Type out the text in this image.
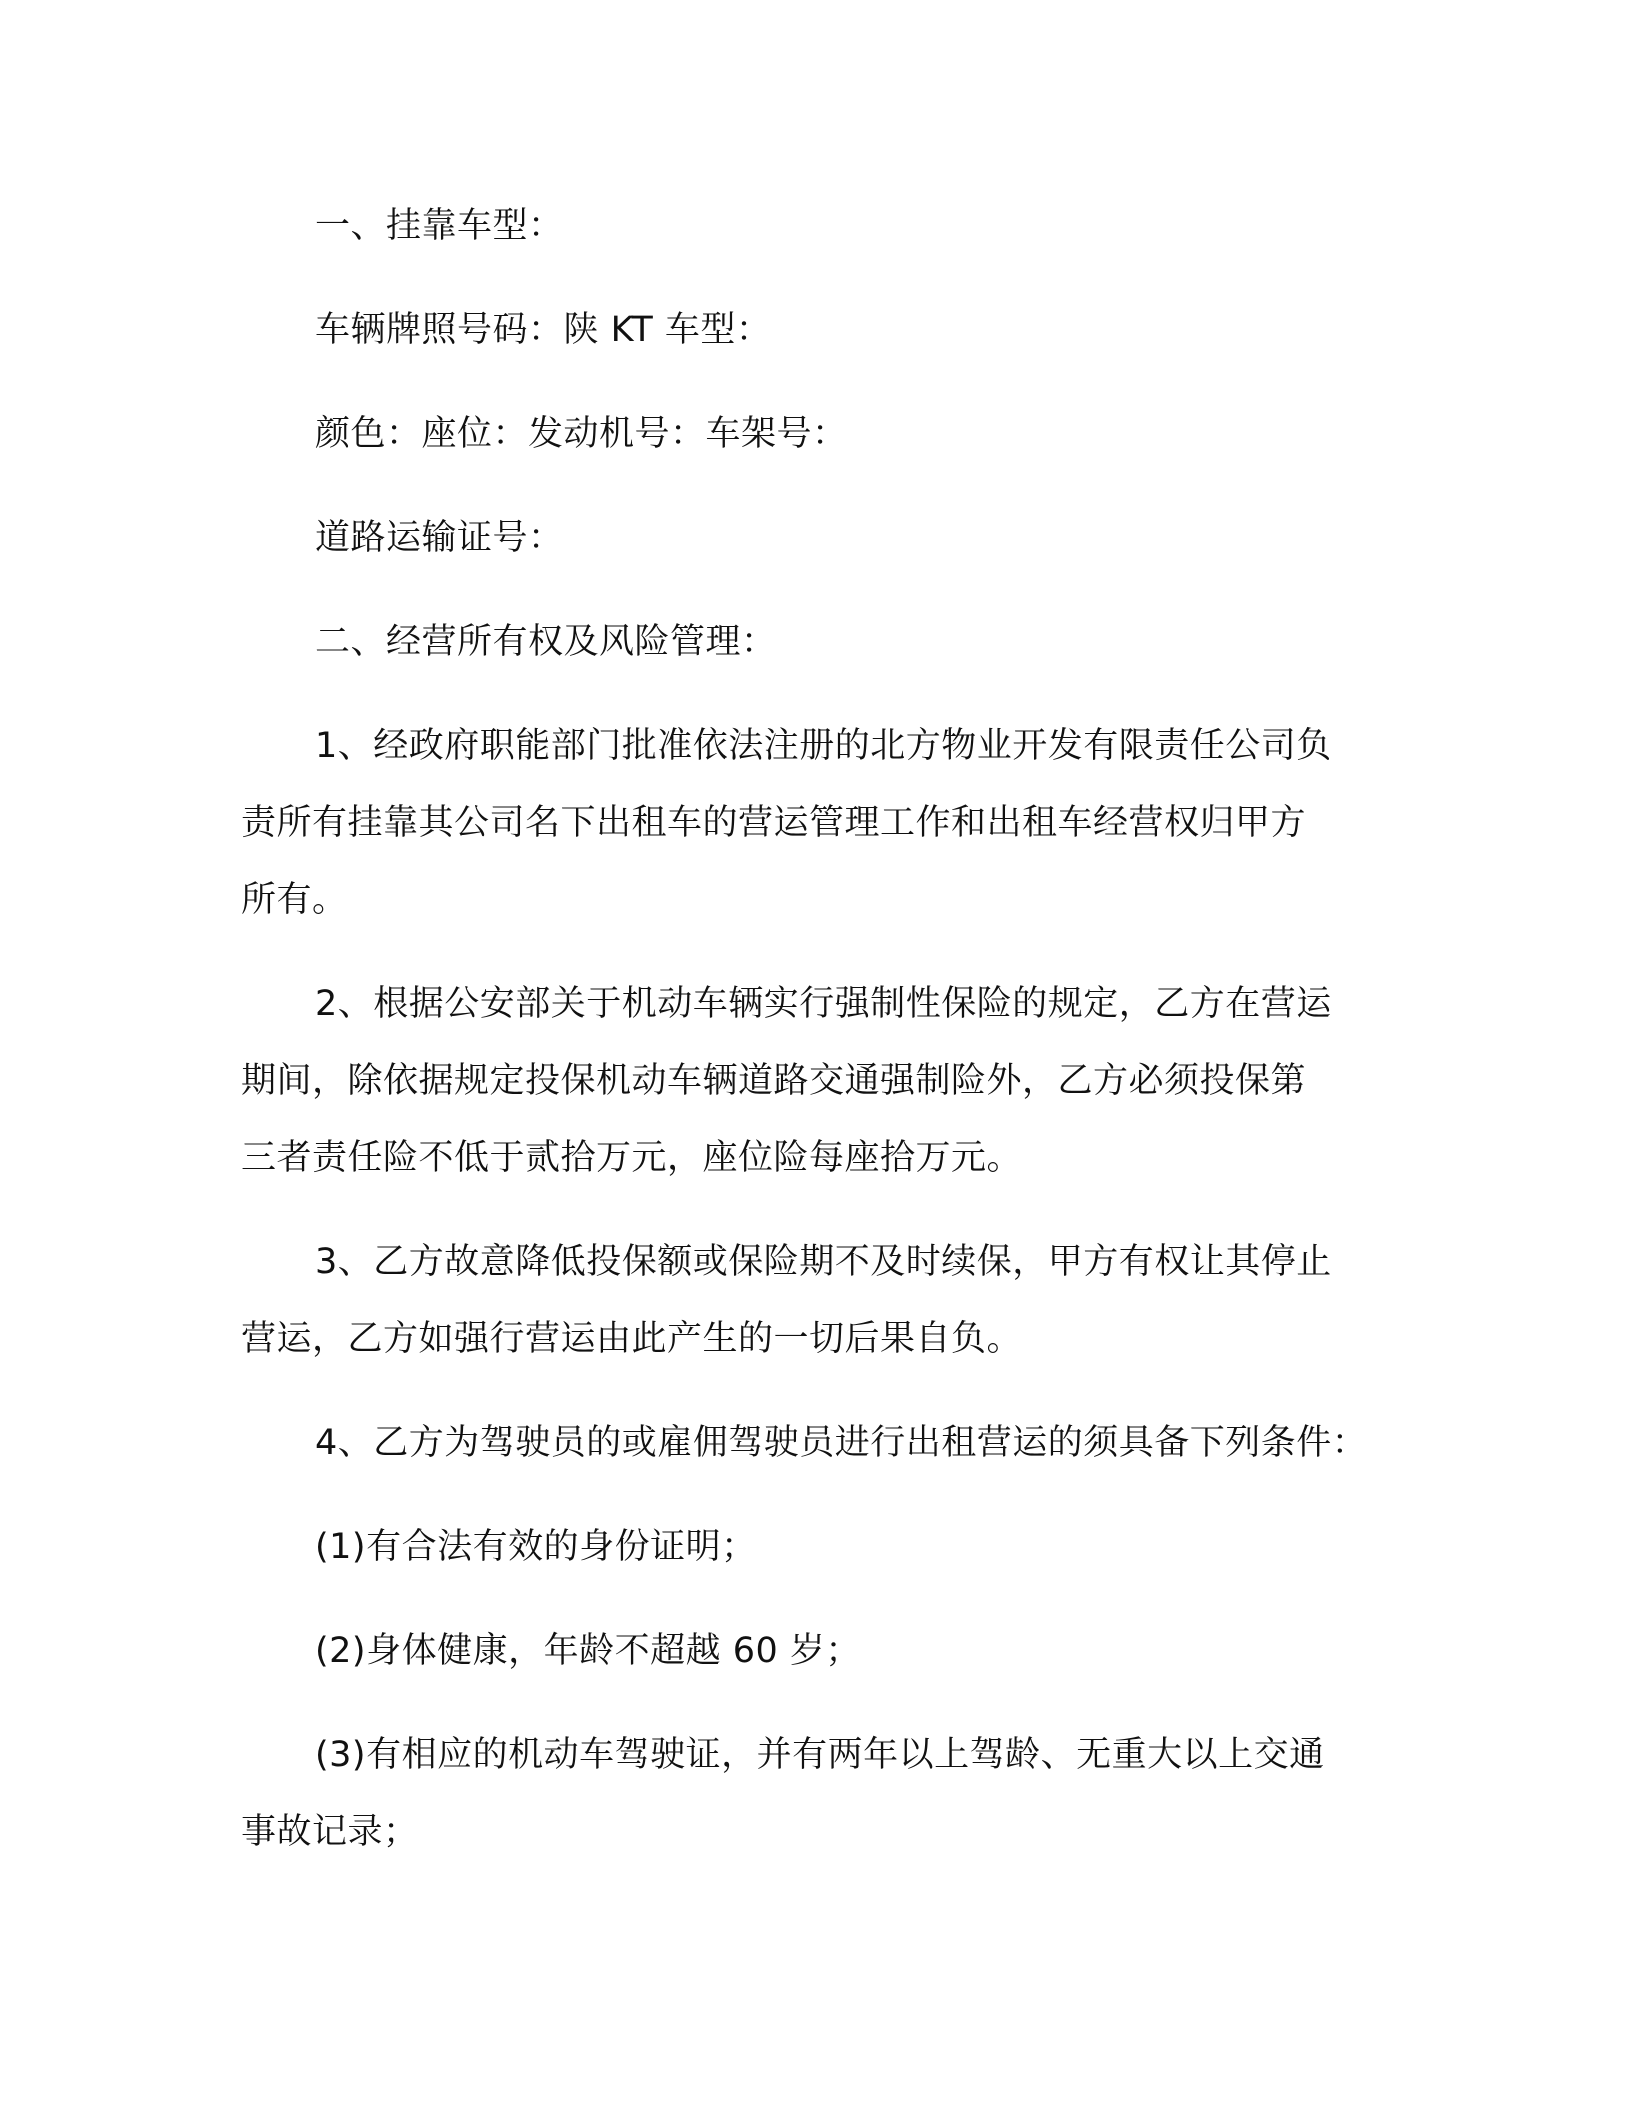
一、挂靠车型：

车辆牌照号码：陕 KT 车型：

颜色：座位：发动机号：车架号：

道路运输证号：

二、经营所有权及风险管理：

1、经政府职能部门批准依法注册的北方物业开发有限责任公司负

责所有挂靠其公司名下出租车的营运管理工作和出租车经营权归甲方

所有。

2、根据公安部关于机动车辆实行强制性保险的规定，乙方在营运

期间，除依据规定投保机动车辆道路交通强制险外，乙方必须投保第

三者责任险不低于贰拾万元，座位险每座拾万元。

3、乙方故意降低投保额或保险期不及时续保，甲方有权让其停止

营运，乙方如强行营运由此产生的一切后果自负。

4、乙方为驾驶员的或雇佣驾驶员进行出租营运的须具备下列条件：

(1)有合法有效的身份证明；

(2)身体健康，年龄不超越 60 岁；

(3)有相应的机动车驾驶证，并有两年以上驾龄、无重大以上交通

事故记录；
